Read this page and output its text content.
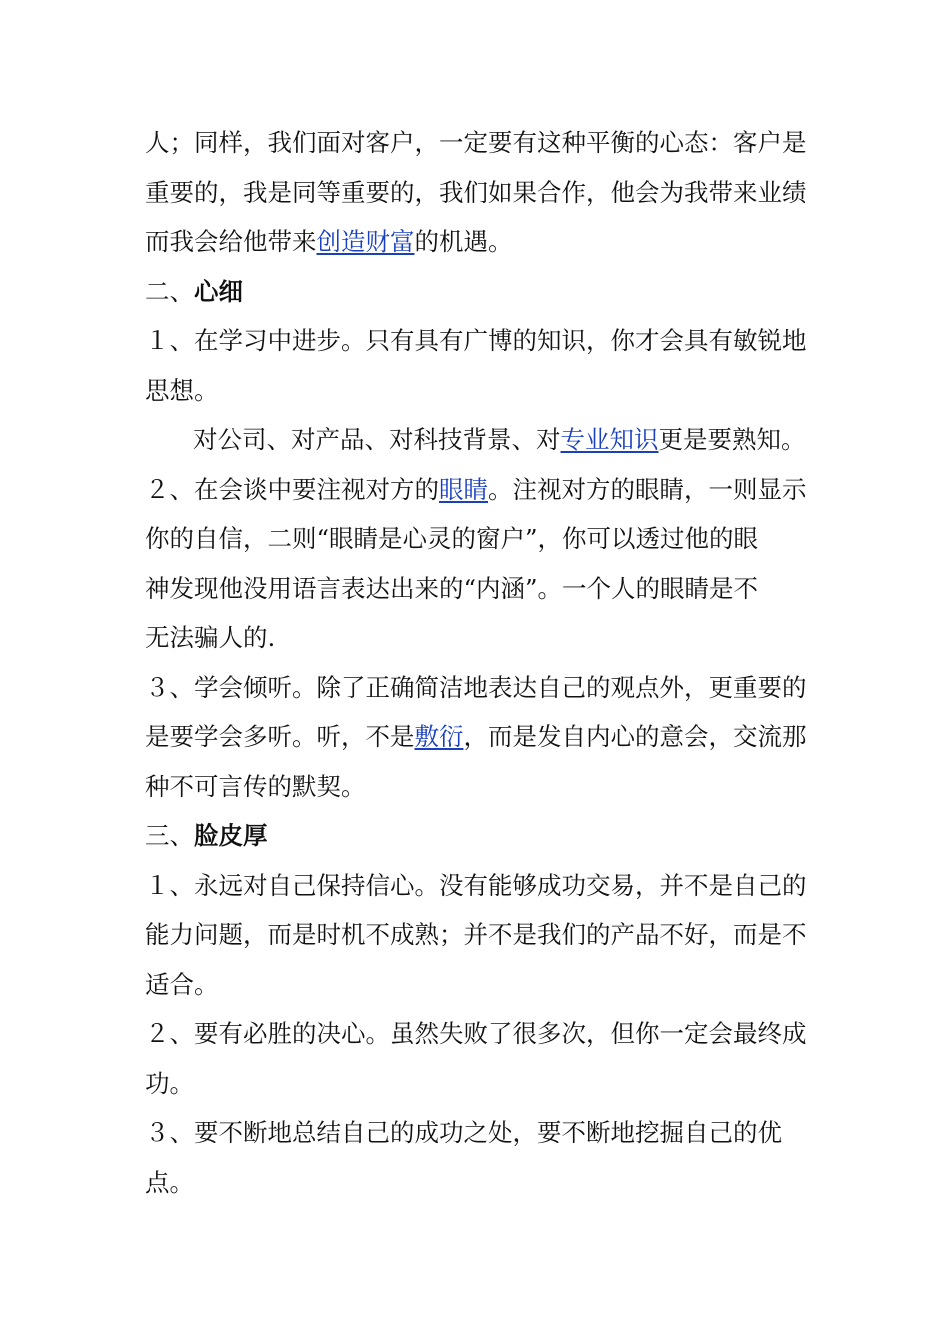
人；同样，我们面对客户，一定要有这种平衡的心态：客户是
重要的，我是同等重要的，我们如果合作，他会为我带来业绩
而我会给他带来创造财富的机遇。
二、心细
１、在学习中进步。只有具有广博的知识，你才会具有敏锐地
思想。
对公司、对产品、对科技背景、对专业知识更是要熟知。
２、在会谈中要注视对方的眼睛。注视对方的眼睛，一则显示
你的自信，二则“眼睛是心灵的窗户”，你可以透过他的眼
神发现他没用语言表达出来的“内涵”。一个人的眼睛是不
无法骗人的.
３、学会倾听。除了正确简洁地表达自己的观点外，更重要的
是要学会多听。听，不是敷衍，而是发自内心的意会，交流那
种不可言传的默契。
三、脸皮厚
１、永远对自己保持信心。没有能够成功交易，并不是自己的
能力问题，而是时机不成熟；并不是我们的产品不好，而是不
适合。
２、要有必胜的决心。虽然失败了很多次，但你一定会最终成
功。
３、要不断地总结自己的成功之处，要不断地挖掘自己的优
点。
